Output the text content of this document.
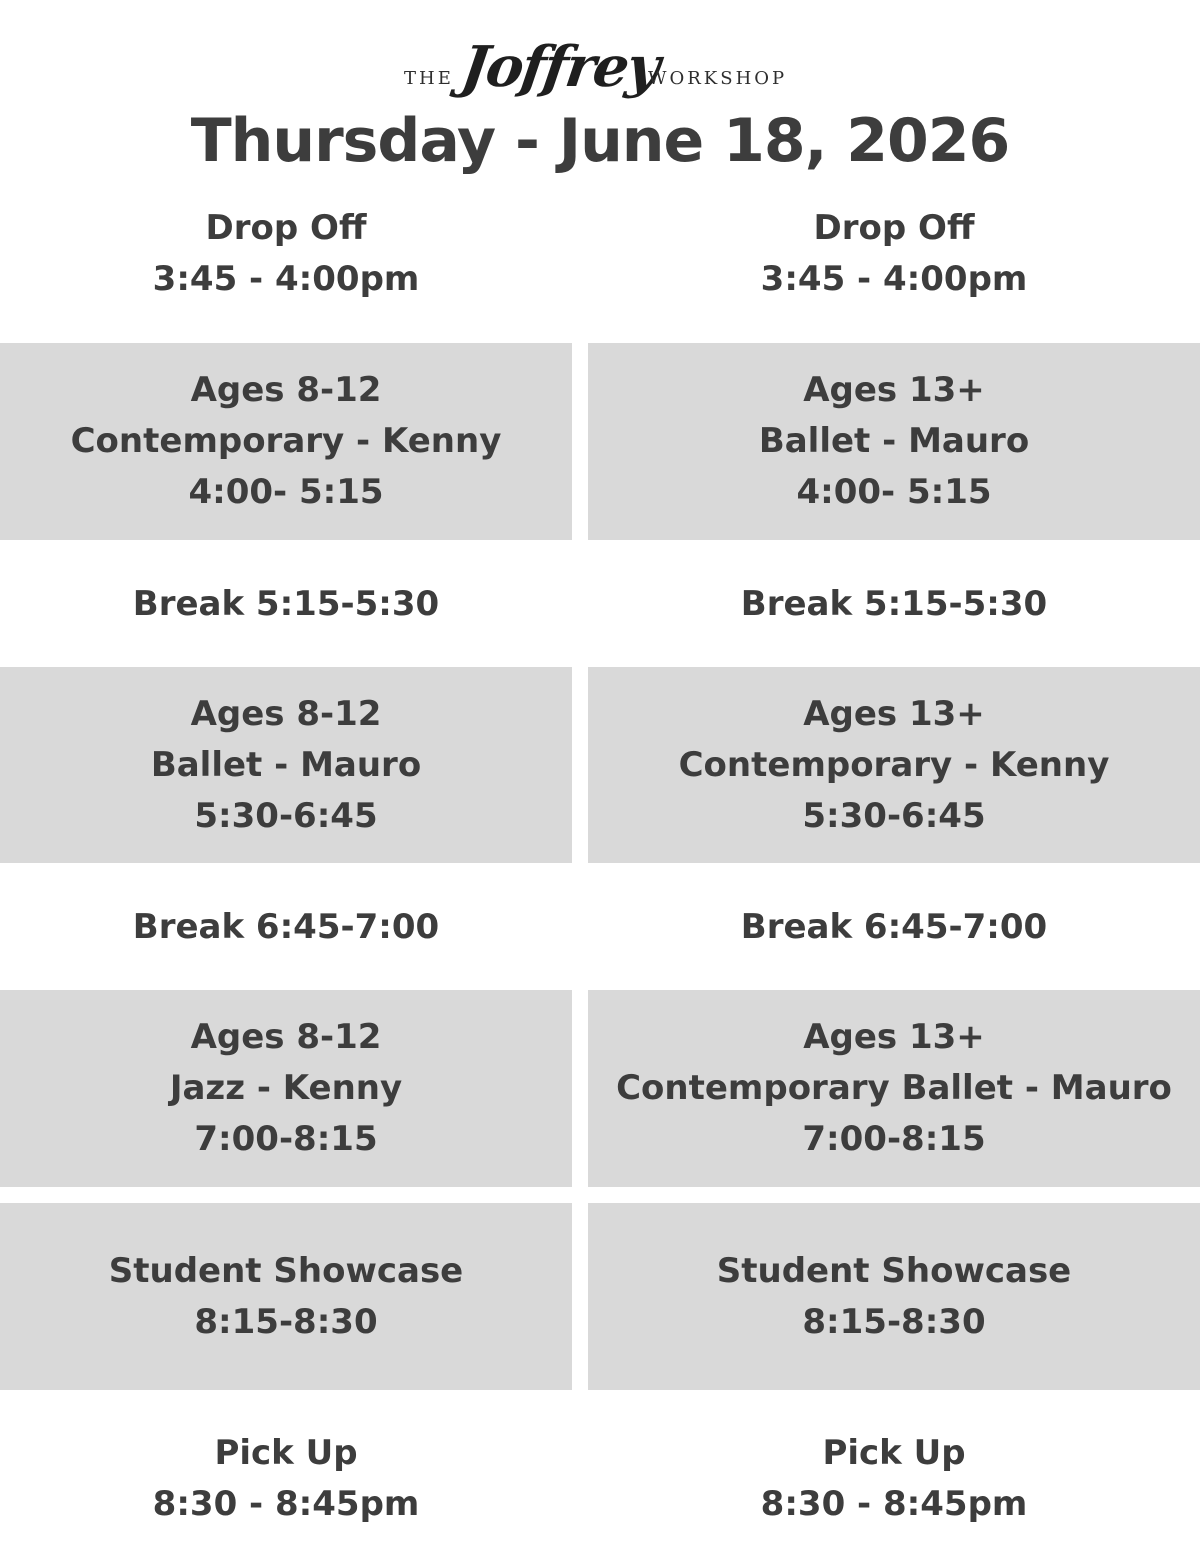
THE Joffrey
WORKSHOP
Thursday - June 18, 2026
Drop Off
3:45 - 4:00pm
Ages 8-12
Contemporary - Kenny
4:00- 5:15
Break 5:15-5:30
Ages 8-12
Ballet - Mauro
5:30-6:45
Break 6:45-7:00
Ages 8-12
Jazz - Kenny
7:00-8:15
Student Showcase
8:15-8:30
Pick Up
8:30 - 8:45pm
Drop Off
3:45 - 4:00pm
Ages 13+
Ballet - Mauro
4:00- 5:15
Break 5:15-5:30
Ages 13+
Contemporary - Kenny
5:30-6:45
Break 6:45-7:00
Ages 13+
Contemporary Ballet - Mauro
7:00-8:15
Student Showcase
8:15-8:30
Pick Up
8:30 - 8:45pm
